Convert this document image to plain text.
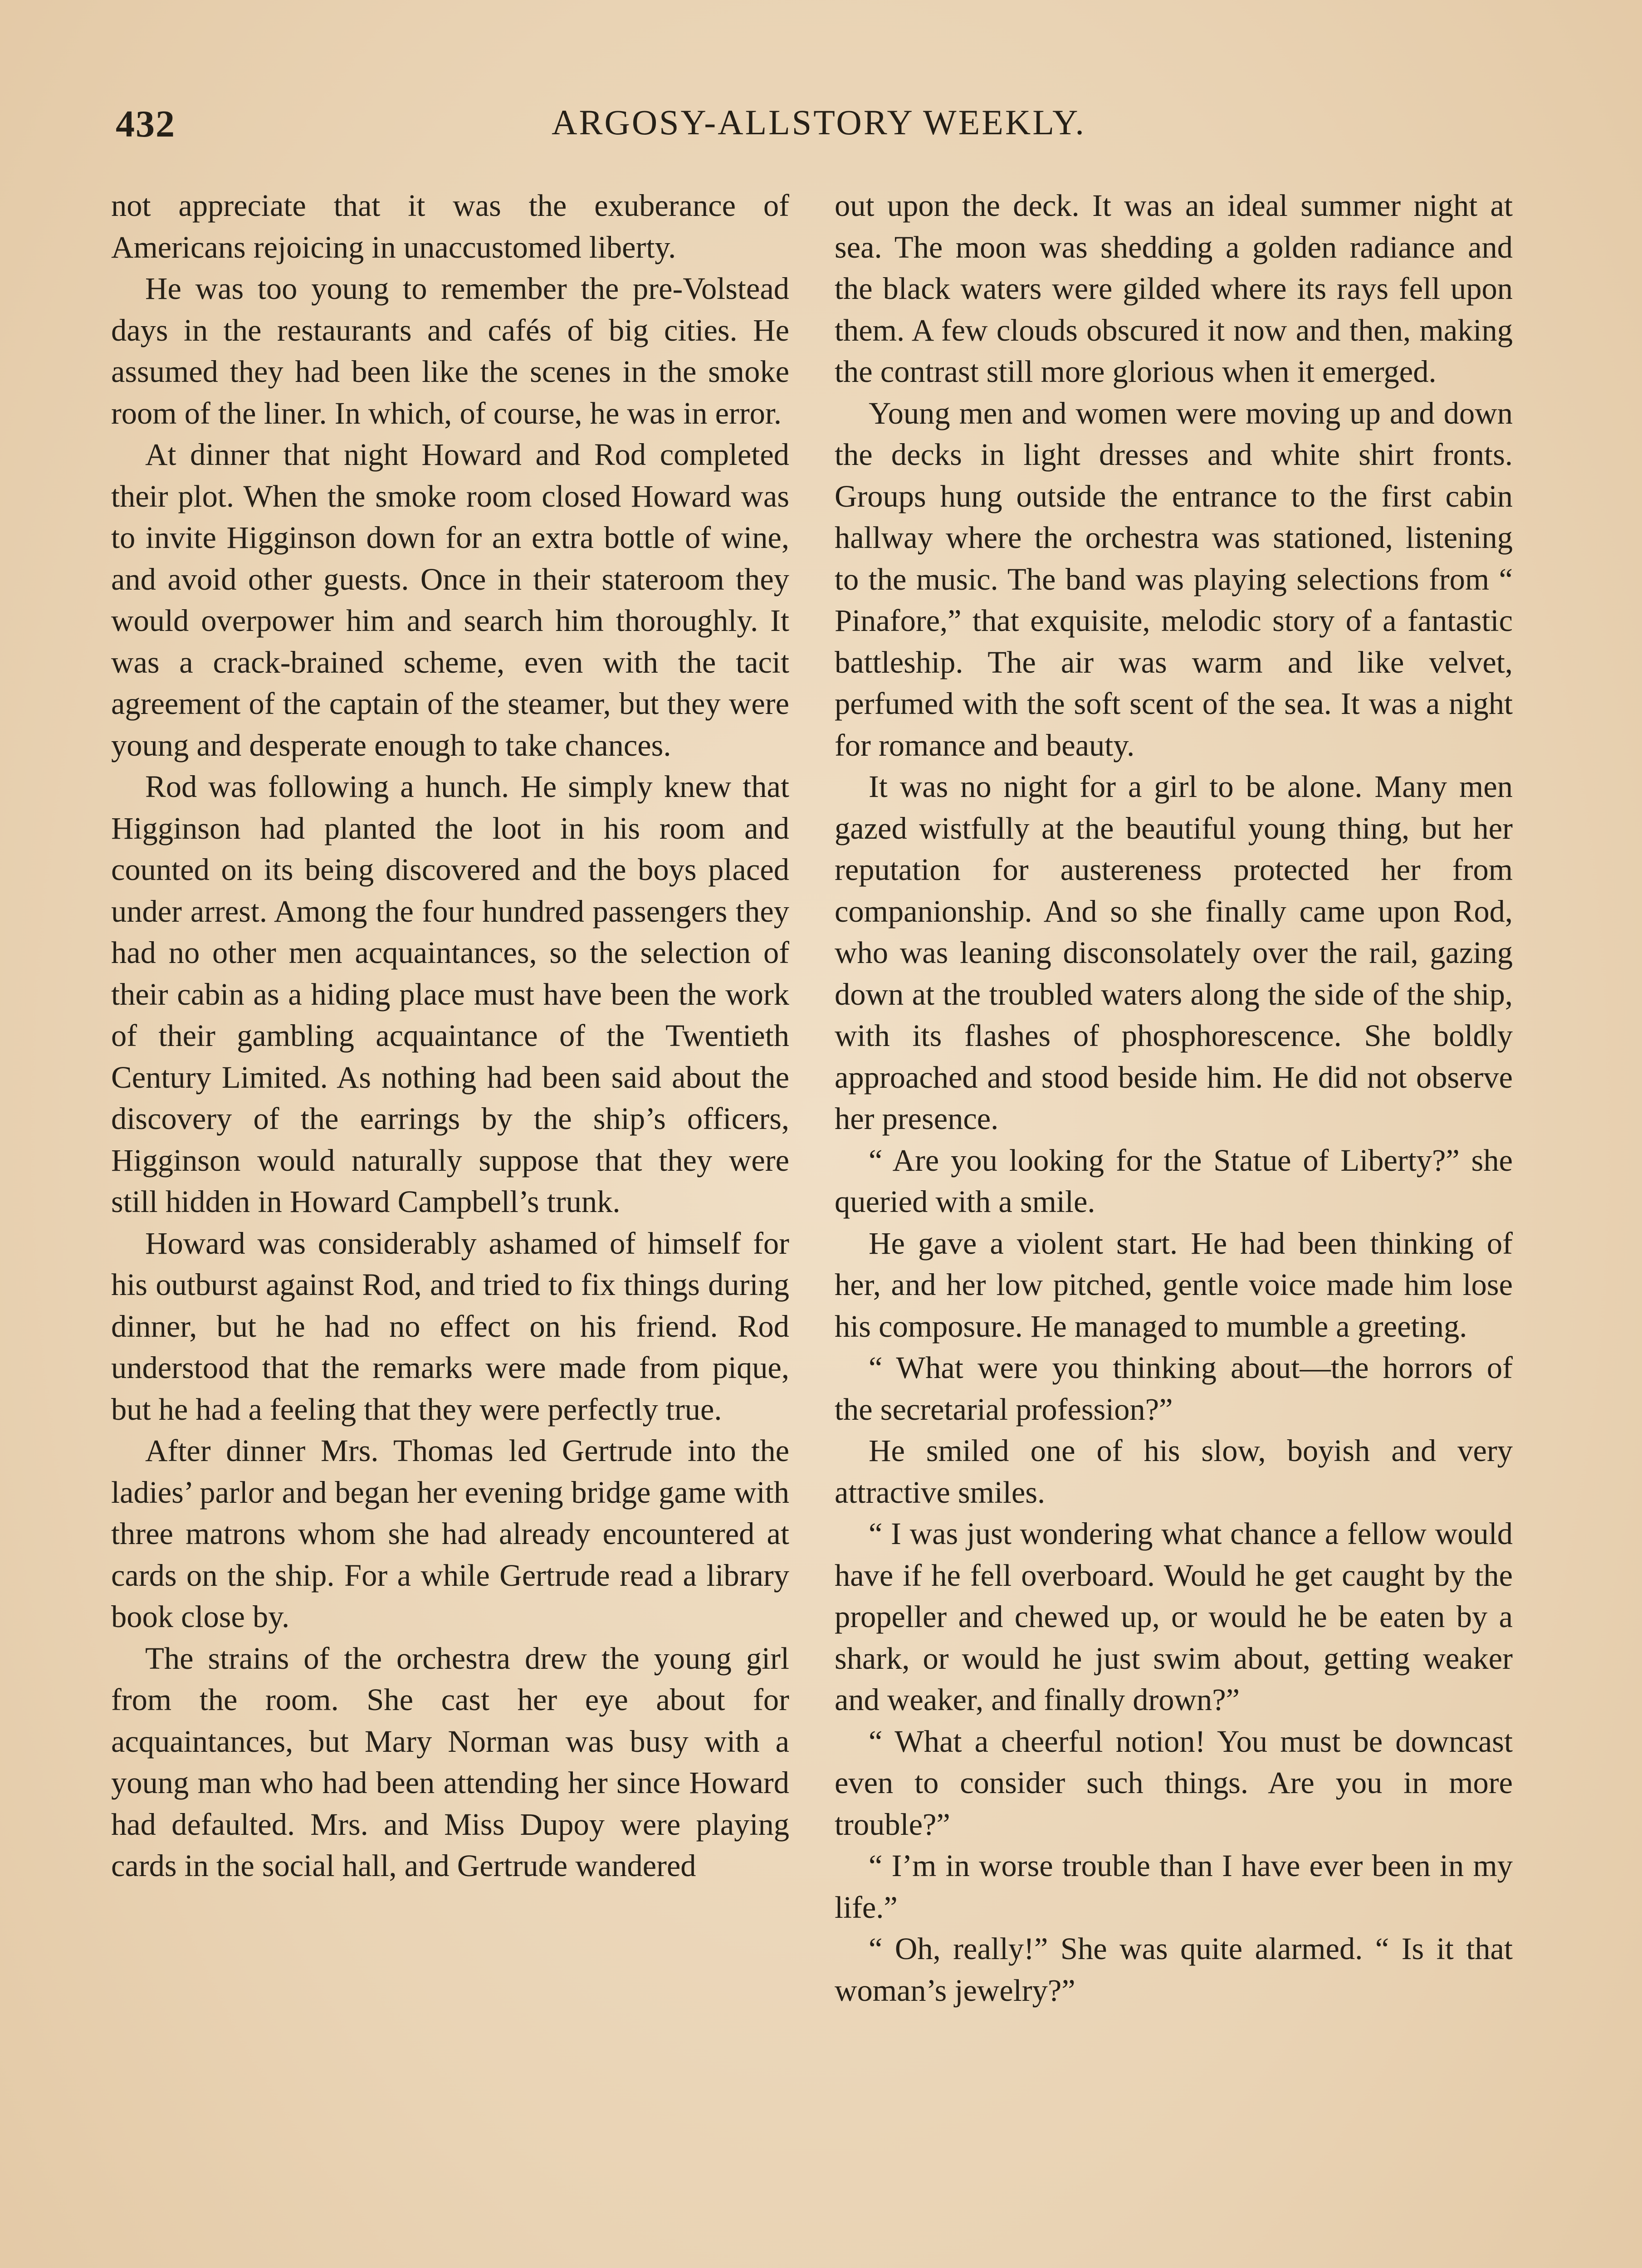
432	ARGOSY-ALLSTORY WEEKLY.

not appreciate that it was the exuberance of Americans rejoicing in unaccustomed liberty.

He was too young to remember the pre-Volstead days in the restaurants and cafés of big cities. He assumed they had been like the scenes in the smoke room of the liner. In which, of course, he was in error.

At dinner that night Howard and Rod completed their plot. When the smoke room closed Howard was to invite Higginson down for an extra bottle of wine, and avoid other guests. Once in their stateroom they would overpower him and search him thoroughly. It was a crack-brained scheme, even with the tacit agreement of the captain of the steamer, but they were young and desperate enough to take chances.

Rod was following a hunch. He simply knew that Higginson had planted the loot in his room and counted on its being discovered and the boys placed under arrest. Among the four hundred passengers they had no other men acquaintances, so the selection of their cabin as a hiding place must have been the work of their gambling acquaintance of the Twentieth Century Limited. As nothing had been said about the discovery of the earrings by the ship’s officers, Higginson would naturally suppose that they were still hidden in Howard Campbell’s trunk.

Howard was considerably ashamed of himself for his outburst against Rod, and tried to fix things during dinner, but he had no effect on his friend. Rod understood that the remarks were made from pique, but he had a feeling that they were perfectly true.

After dinner Mrs. Thomas led Gertrude into the ladies’ parlor and began her evening bridge game with three matrons whom she had already encountered at cards on the ship. For a while Gertrude read a library book close by.

The strains of the orchestra drew the young girl from the room. She cast her eye about for acquaintances, but Mary Norman was busy with a young man who had been attending her since Howard had defaulted. Mrs. and Miss Dupoy were playing cards in the social hall, and Gertrude wandered

out upon the deck. It was an ideal summer night at sea. The moon was shedding a golden radiance and the black waters were gilded where its rays fell upon them. A few clouds obscured it now and then, making the contrast still more glorious when it emerged.

Young men and women were moving up and down the decks in light dresses and white shirt fronts. Groups hung outside the entrance to the first cabin hallway where the orchestra was stationed, listening to the music. The band was playing selections from “ Pinafore,” that exquisite, melodic story of a fantastic battleship. The air was warm and like velvet, perfumed with the soft scent of the sea. It was a night for romance and beauty.

It was no night for a girl to be alone. Many men gazed wistfully at the beautiful young thing, but her reputation for austereness protected her from companionship. And so she finally came upon Rod, who was leaning disconsolately over the rail, gazing down at the troubled waters along the side of the ship, with its flashes of phosphorescence. She boldly approached and stood beside him. He did not observe her presence.

“ Are you looking for the Statue of Liberty?” she queried with a smile.

He gave a violent start. He had been thinking of her, and her low pitched, gentle voice made him lose his composure. He managed to mumble a greeting.

“ What were you thinking about—the horrors of the secretarial profession?”

He smiled one of his slow, boyish and very attractive smiles.

“ I was just wondering what chance a fellow would have if he fell overboard. Would he get caught by the propeller and chewed up, or would he be eaten by a shark, or would he just swim about, getting weaker and weaker, and finally drown?”

“ What a cheerful notion! You must be downcast even to consider such things. Are you in more trouble?”

“ I’m in worse trouble than I have ever been in my life.”

“ Oh, really!” She was quite alarmed. “ Is it that woman’s jewelry?”
